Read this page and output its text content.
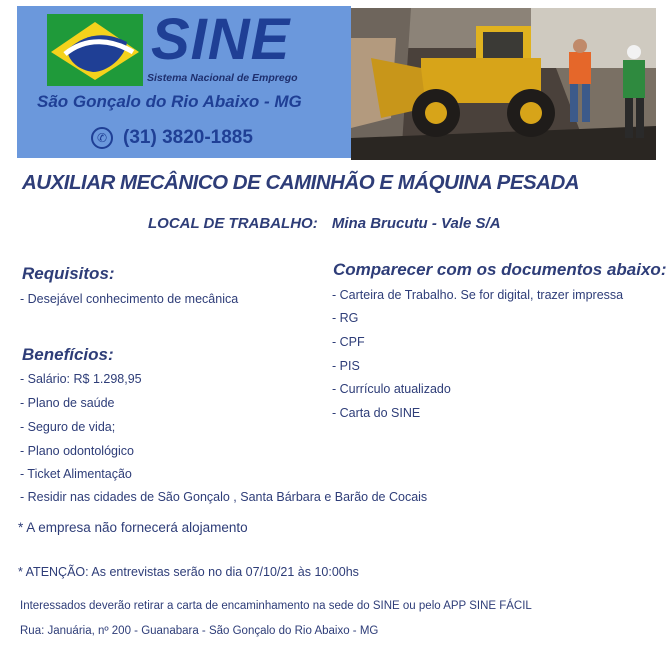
SINE
Sistema Nacional de Emprego
São Gonçalo do Rio Abaixo - MG
✆ (31) 3820-1885
AUXILIAR MECÂNICO DE CAMINHÃO E MÁQUINA PESADA
LOCAL DE TRABALHO: Mina Brucutu - Vale S/A
Requisitos:
- Desejável conhecimento de mecânica
Benefícios:
- Salário: R$ 1.298,95
- Plano de saúde
- Seguro de vida;
- Plano odontológico
- Ticket Alimentação
- Residir nas cidades de São Gonçalo , Santa Bárbara e Barão de Cocais
Comparecer com os documentos abaixo:
- Carteira de Trabalho. Se for digital, trazer impressa
- RG
- CPF
- PIS
- Currículo atualizado
- Carta do SINE
* A empresa não fornecerá alojamento
* ATENÇÃO: As entrevistas serão no dia 07/10/21 às 10:00hs
Interessados deverão retirar a carta de encaminhamento na sede do SINE ou pelo APP SINE FÁCIL
Rua: Januária, nº 200 - Guanabara - São Gonçalo do Rio Abaixo - MG
